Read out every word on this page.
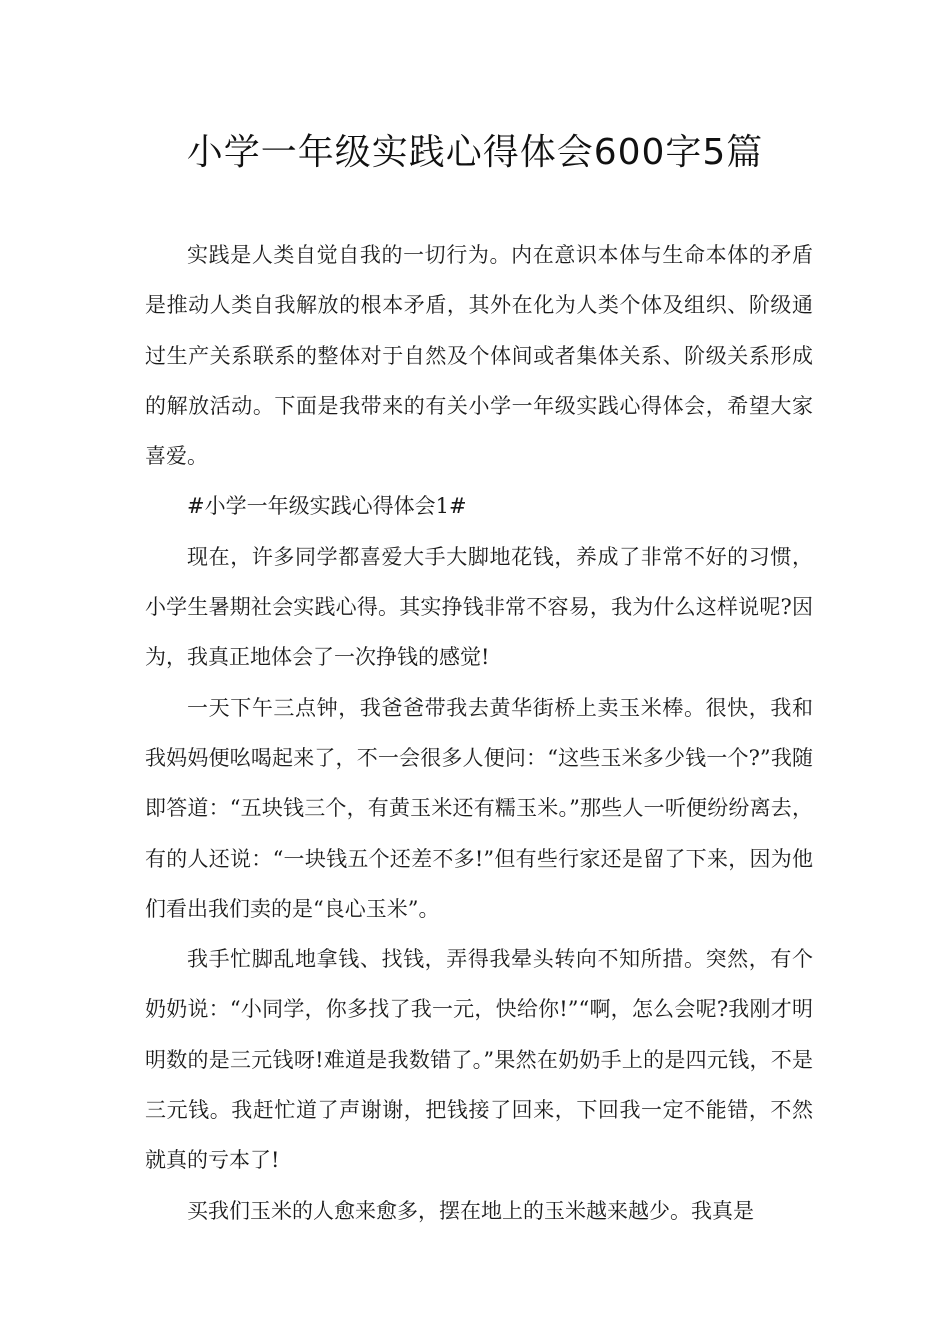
小学一年级实践心得体会600字5篇

实践是人类自觉自我的一切行为。内在意识本体与生命本体的矛盾是推动人类自我解放的根本矛盾，其外在化为人类个体及组织、阶级通过生产关系联系的整体对于自然及个体间或者集体关系、阶级关系形成的解放活动。下面是我带来的有关小学一年级实践心得体会，希望大家喜爱。

#小学一年级实践心得体会1#

现在，许多同学都喜爱大手大脚地花钱，养成了非常不好的习惯，小学生暑期社会实践心得。其实挣钱非常不容易，我为什么这样说呢?因为，我真正地体会了一次挣钱的感觉!

一天下午三点钟，我爸爸带我去黄华街桥上卖玉米棒。很快，我和我妈妈便吆喝起来了，不一会很多人便问：“这些玉米多少钱一个?”我随即答道：“五块钱三个，有黄玉米还有糯玉米。”那些人一听便纷纷离去，有的人还说：“一块钱五个还差不多!”但有些行家还是留了下来，因为他们看出我们卖的是“良心玉米”。

我手忙脚乱地拿钱、找钱，弄得我晕头转向不知所措。突然，有个奶奶说：“小同学，你多找了我一元，快给你!”“啊，怎么会呢?我刚才明明数的是三元钱呀!难道是我数错了。”果然在奶奶手上的是四元钱，不是三元钱。我赶忙道了声谢谢，把钱接了回来，下回我一定不能错，不然就真的亏本了!

买我们玉米的人愈来愈多，摆在地上的玉米越来越少。我真是
